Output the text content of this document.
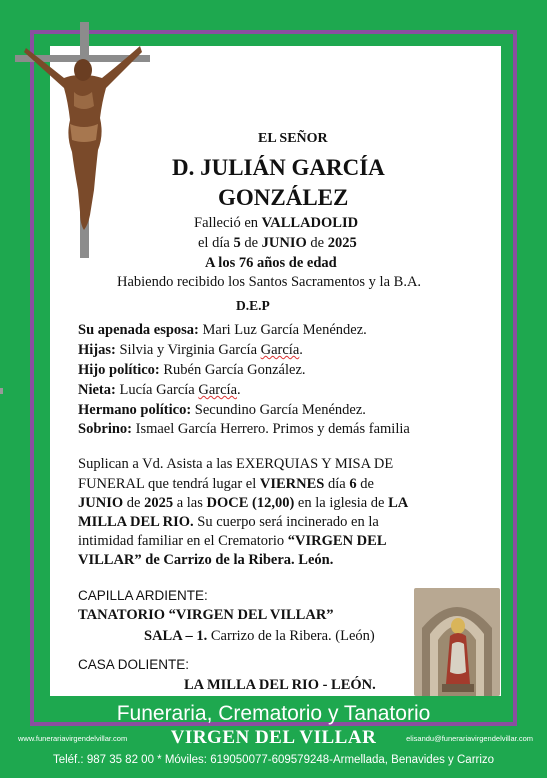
EL SEÑOR
D. JULIÁN GARCÍA
GONZÁLEZ
Falleció en VALLADOLID
el día 5 de JUNIO de 2025
A los 76 años de edad
Habiendo recibido los Santos Sacramentos y la B.A.
D.E.P
Su apenada esposa: Mari Luz García Menéndez.
Hijas: Silvia y Virginia García García.
Hijo político: Rubén García González.
Nieta: Lucía García García.
Hermano político: Secundino García Menéndez.
Sobrino: Ismael García Herrero. Primos y demás familia
Suplican a Vd. Asista a las EXERQUIAS Y MISA DE
FUNERAL que tendrá lugar el VIERNES día 6 de
JUNIO de 2025 a las DOCE (12,00) en la iglesia de LA
MILLA DEL RIO. Su cuerpo será incinerado en la
intimidad familiar en el Crematorio “VIRGEN DEL
VILLAR” de Carrizo de la Ribera. León.
CAPILLA ARDIENTE:
TANATORIO “VIRGEN DEL VILLAR”
SALA – 1. Carrizo de la Ribera. (León)
CASA DOLIENTE:
LA MILLA DEL RIO - LEÓN.
Funeraria, Crematorio y Tanatorio
www.funerariavirgendelvillar.com	VIRGEN DEL VILLAR	elisandu@funerariavirgendelvillar.com
Teléf.: 987 35 82 00 * Móviles: 619050077-609579248-Armellada, Benavides y Carrizo
